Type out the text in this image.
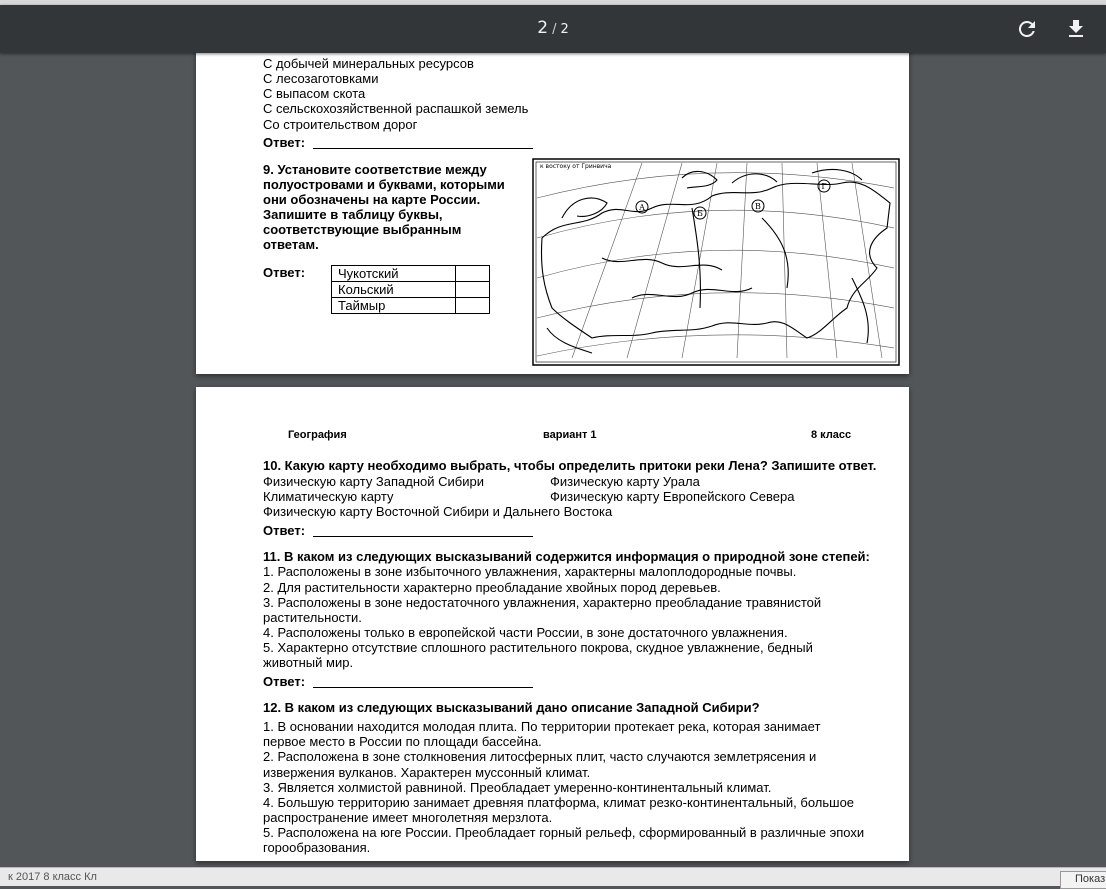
2 / 2
С добычей минеральных ресурсов
С лесозаготовками
С выпасом скота
С сельскохозяйственной распашкой земель
Со строительством дорог
Ответ:
9. Установите соответствие между
полуостровами и буквами, которыми
они обозначены на карте России.
Запишите в таблицу буквы,
соответствующие выбранным
ответам.
Ответ:	Чукотский	
Кольский	
Таймыр	
к востоку от Гринвича
А
Б
В
Г
География	вариант 1	8 класс
10. Какую карту необходимо выбрать, чтобы определить притоки реки Лена? Запишите ответ.
Физическую карту Западной Сибири	Физическую карту Урала
Климатическую карту	Физическую карту Европейского Севера
Физическую карту Восточной Сибири и Дальнего Востока
Ответ:
11. В каком из следующих высказываний содержится информация о природной зоне степей:
1. Расположены в зоне избыточного увлажнения, характерны малоплодородные почвы.
2. Для растительности характерно преобладание хвойных пород деревьев.
3. Расположены в зоне недостаточного увлажнения, характерно преобладание травянистой
растительности.
4. Расположены только в европейской части России, в зоне достаточного увлажнения.
5. Характерно отсутствие сплошного растительного покрова, скудное увлажнение, бедный
животный мир.
Ответ:
12. В каком из следующих высказываний дано описание Западной Сибири?
1. В основании находится молодая плита. По территории протекает река, которая занимает
первое место в России по площади бассейна.
2. Расположена в зоне столкновения литосферных плит, часто случаются землетрясения и
извержения вулканов. Характерен муссонный климат.
3. Является холмистой равниной. Преобладает умеренно-континентальный климат.
4. Большую территорию занимает древняя платформа, климат резко-континентальный, большое
распространение имеет многолетняя мерзлота.
5. Расположена на юге России. Преобладает горный рельеф, сформированный в различные эпохи
горообразования.
к 2017 8 класс Кл	Показ
